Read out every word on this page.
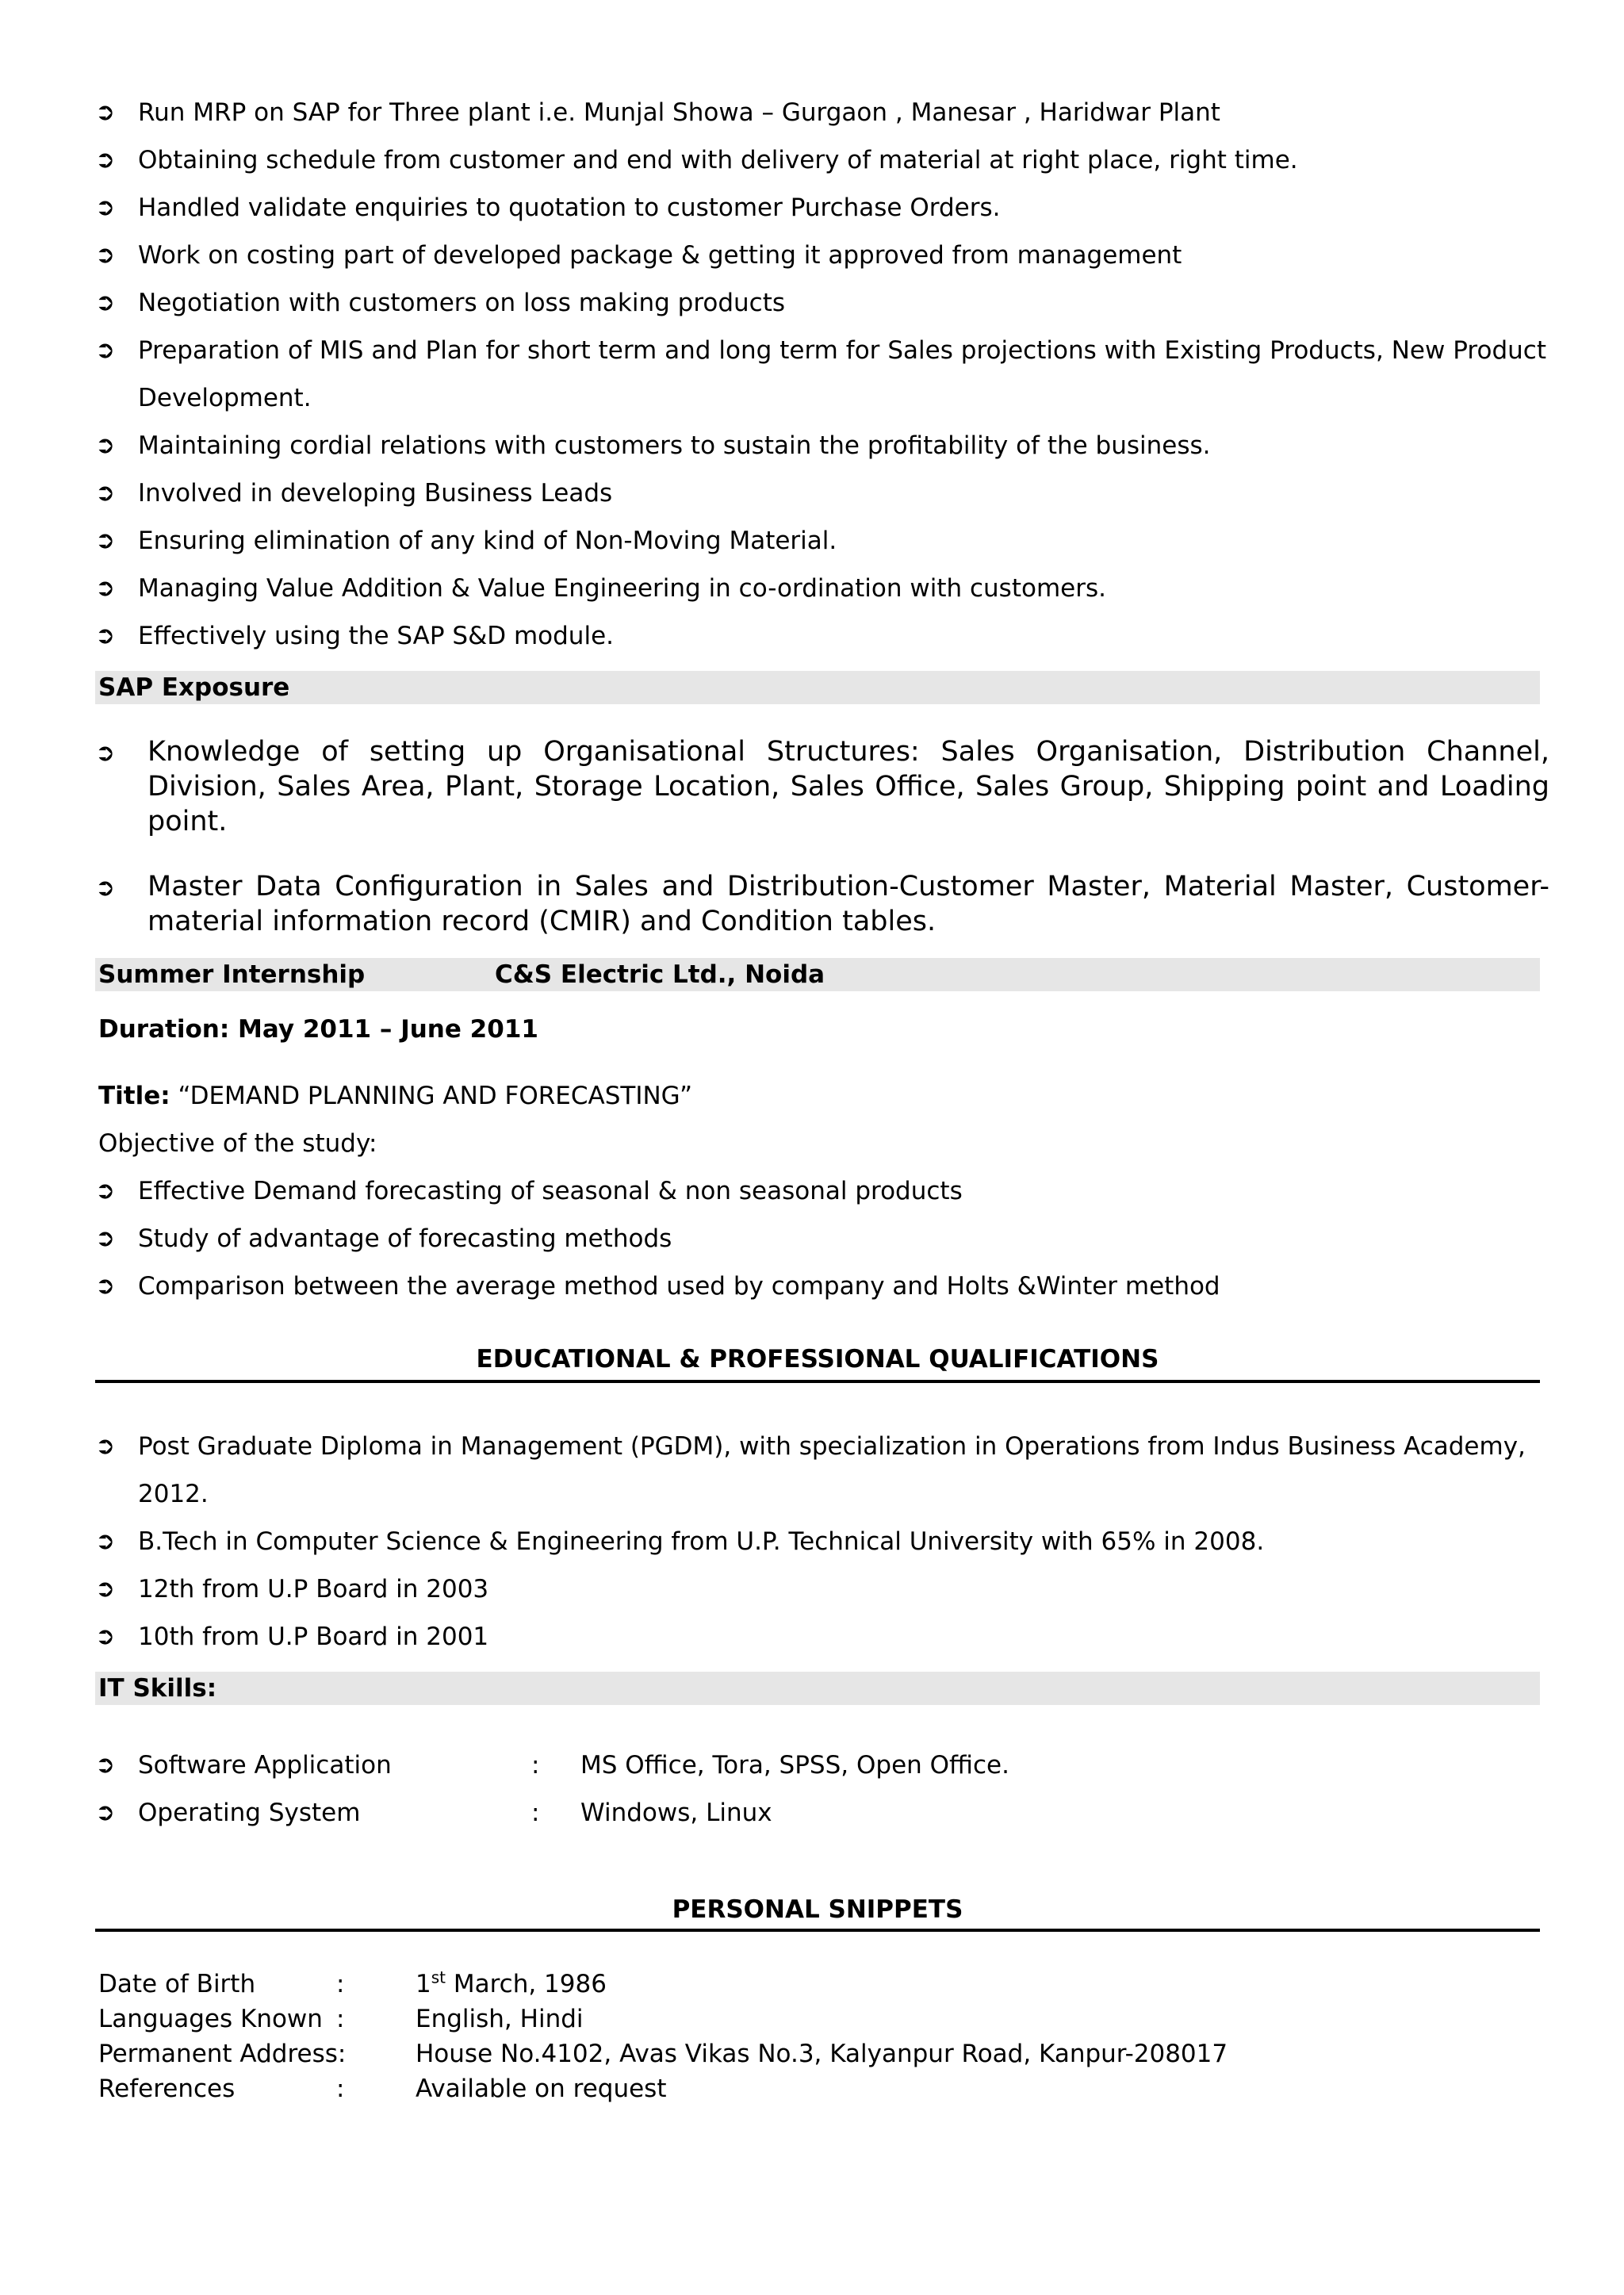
➲ Run MRP on SAP for Three plant i.e. Munjal Showa – Gurgaon , Manesar , Haridwar Plant
➲ Obtaining schedule from customer and end with delivery of material at right place, right time.
➲ Handled validate enquiries to quotation to customer Purchase Orders.
➲ Work on costing part of developed package & getting it approved from management
➲ Negotiation with customers on loss making products
➲ Preparation of MIS and Plan for short term and long term for Sales projections with Existing Products, New Product Development.
➲ Maintaining cordial relations with customers to sustain the profitability of the business.
➲ Involved in developing Business Leads
➲ Ensuring elimination of any kind of Non-Moving Material.
➲ Managing Value Addition & Value Engineering in co-ordination with customers.
➲ Effectively using the SAP S&D module.
SAP Exposure
➲ Knowledge of setting up Organisational Structures: Sales Organisation, Distribution Channel, Division, Sales Area, Plant, Storage Location, Sales Office, Sales Group, Shipping point and Loading point.
➲ Master Data Configuration in Sales and Distribution-Customer Master, Material Master, Customer-material information record (CMIR) and Condition tables.
Summer Internship	C&S Electric Ltd., Noida
Duration: May 2011 – June 2011
Title: “DEMAND PLANNING AND FORECASTING”
Objective of the study:
➲ Effective Demand forecasting of seasonal & non seasonal products
➲ Study of advantage of forecasting methods
➲ Comparison between the average method used by company and Holts &Winter method
EDUCATIONAL & PROFESSIONAL QUALIFICATIONS
➲ Post Graduate Diploma in Management (PGDM), with specialization in Operations from Indus Business Academy, 2012.
➲ B.Tech in Computer Science & Engineering from U.P. Technical University with 65% in 2008.
➲ 12th from U.P Board in 2003
➲ 10th from U.P Board in 2001
IT Skills:
➲ Software Application	: MS Office, Tora, SPSS, Open Office.
➲ Operating System	: Windows, Linux
PERSONAL SNIPPETS
Date of Birth	:	1st March, 1986
Languages Known :	English, Hindi
Permanent Address:	House No.4102, Avas Vikas No.3, Kalyanpur Road, Kanpur-208017
References	:	Available on request
